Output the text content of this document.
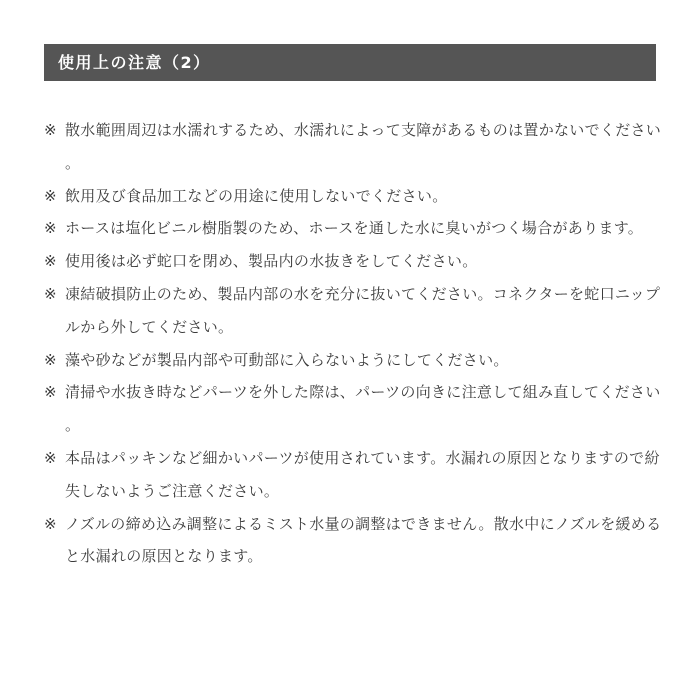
使用上の注意（2）
※ 散水範囲周辺は水濡れするため、水濡れによって支障があるものは置かないでください。
※ 飲用及び食品加工などの用途に使用しないでください。
※ ホースは塩化ビニル樹脂製のため、ホースを通した水に臭いがつく場合があります。
※ 使用後は必ず蛇口を閉め、製品内の水抜きをしてください。
※ 凍結破損防止のため、製品内部の水を充分に抜いてください。コネクターを蛇口ニップルから外してください。
※ 藻や砂などが製品内部や可動部に入らないようにしてください。
※ 清掃や水抜き時などパーツを外した際は、パーツの向きに注意して組み直してください。
※ 本品はパッキンなど細かいパーツが使用されています。水漏れの原因となりますので紛失しないようご注意ください。
※ ノズルの締め込み調整によるミスト水量の調整はできません。散水中にノズルを緩めると水漏れの原因となります。
